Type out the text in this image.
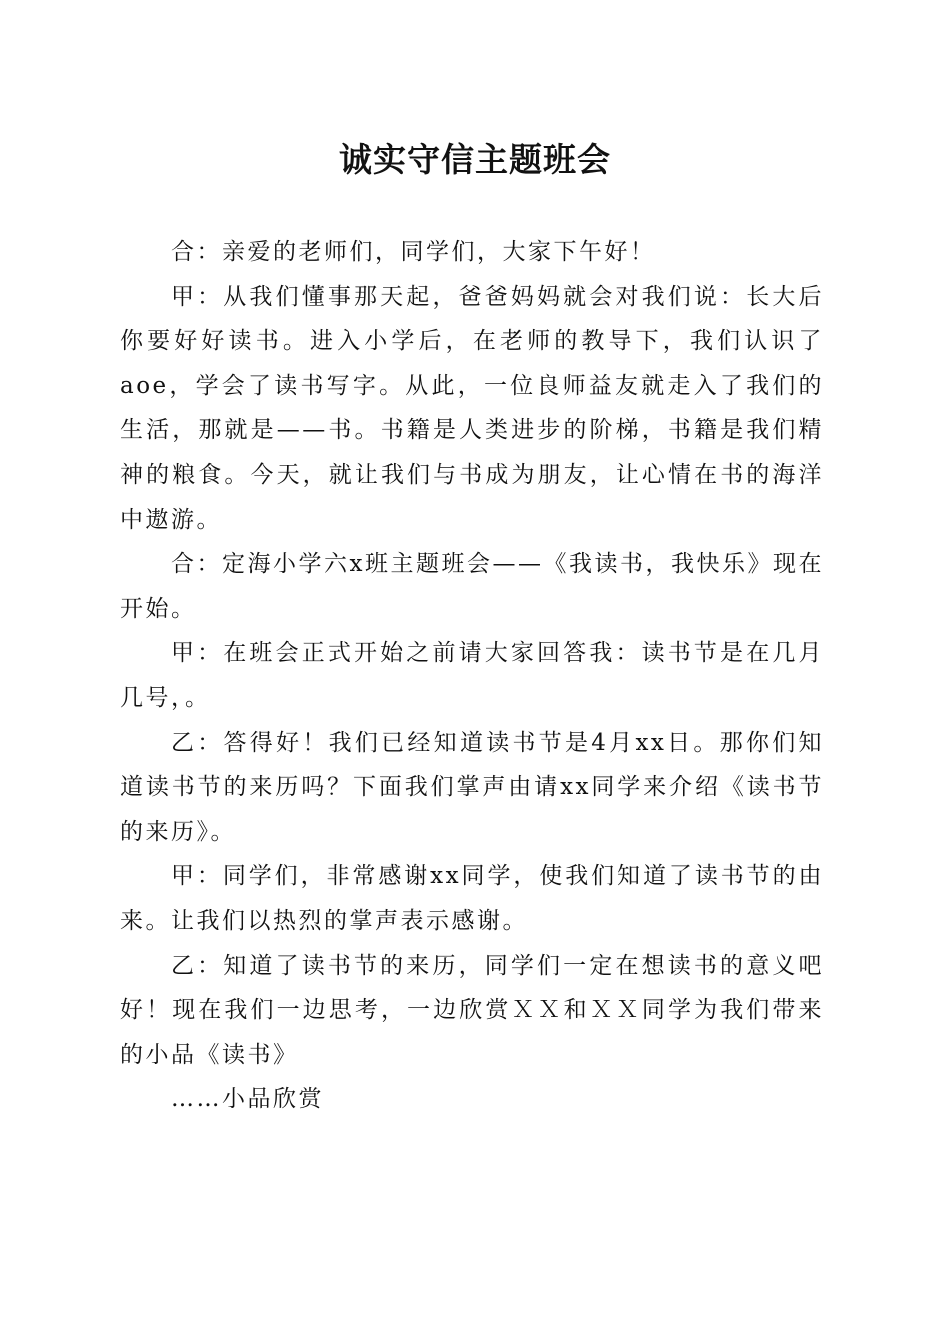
诚实守信主题班会

合：亲爱的老师们，同学们，大家下午好！

甲：从我们懂事那天起，爸爸妈妈就会对我们说：长大后你要好好读书。进入小学后，在老师的教导下，我们认识了aoe，学会了读书写字。从此，一位良师益友就走入了我们的生活，那就是——书。书籍是人类进步的阶梯，书籍是我们精神的粮食。今天，就让我们与书成为朋友，让心情在书的海洋中遨游。

合：定海小学六x班主题班会——《我读书，我快乐》现在开始。

甲：在班会正式开始之前请大家回答我：读书节是在几月几号，。

乙：答得好！我们已经知道读书节是4月xx日。那你们知道读书节的来历吗？下面我们掌声由请xx同学来介绍《读书节的来历》。

甲：同学们，非常感谢xx同学，使我们知道了读书节的由来。让我们以热烈的掌声表示感谢。

乙：知道了读书节的来历，同学们一定在想读书的意义吧好！现在我们一边思考，一边欣赏ＸＸ和ＸＸ同学为我们带来的小品《读书》

……小品欣赏
